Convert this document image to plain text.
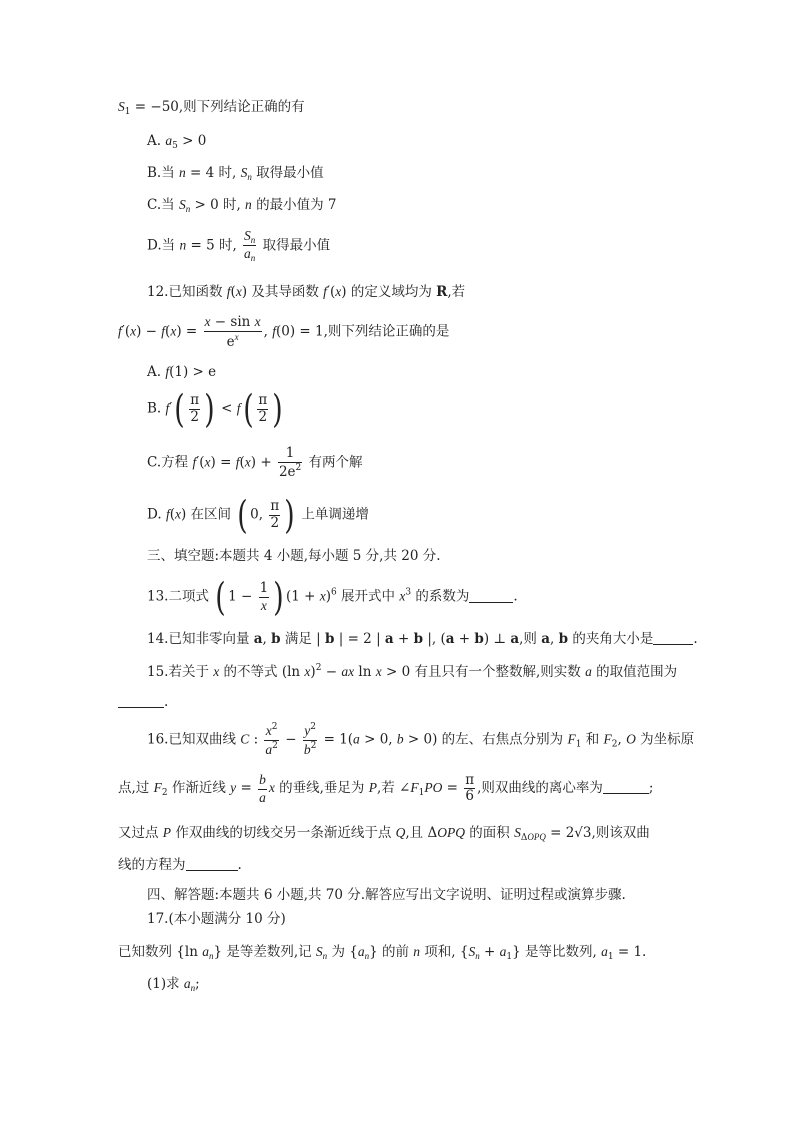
$S_1 = -50$,则下列结论正确的有
A. $a_5 > 0$
B.当 n = 4 时, $S_n$ 取得最小值
C.当 $S_n > 0$ 时, n 的最小值为 7
D.当 n = 5 时, $\frac{S_n}{a_n}$ 取得最小值
12.已知函数 f(x) 及其导函数 f′(x) 的定义域均为 R,若
$f'(x) - f(x) = \frac{\text{x − sin x}}{e^x}$ , f(0) = 1,则下列结论正确的是
A. f(1) > e
B. $f'( \frac{\pi}{2}$ ) < $f( \frac{\pi}{2}$ )
C.方程 $f'(x) = f(x) + \frac{1}{2e^2}$ 有两个解
D. f(x) 在区间 ( 0, $\frac{\pi}{2}$ ) 上单调递增
三、填空题:本题共 4 小题,每小题 5 分,共 20 分.
13.二项式 ( $1 - \frac{1}{x}$ ) $(1 + x)^6$ 展开式中 $x^3$ 的系数为	.
14.已知非零向量 a, b 满足 | b | = 2 | a + b |, (a + b) ⊥ a,则 a, b 的夹角大小是	.
15.若关于 x 的不等式 (ln x)$^2$ − ax ln x > 0 有且只有一个整数解,则实数 a 的取值范围为
.
16.已知双曲线 C : $\frac{x^2}{a^2} - \frac{y^2}{b^2} = 1(a > 0$, b > 0) 的左、右焦点分别为 $F_1$ 和 $F_2$, O 为坐标原
点,过 $F_2$ 作渐近线 $y = \frac{b}{a}$ x 的垂线,垂足为 P,若 $\angle F_1PO = \frac{\pi}{6}$ ,则双曲线的离心率为	;
又过点 P 作双曲线的切线交另一条渐近线于点 Q,且 ΔOPQ 的面积 $S_{\Delta OPQ} = 2√3$,则该双曲
线的方程为	.
四、解答题:本题共 6 小题,共 70 分.解答应写出文字说明、证明过程或演算步骤.
17.(本小题满分 10 分)
已知数列 {ln $a_n$} 是等差数列,记 $S_n$ 为 $\{a_n\}$ 的前 n 项和, $\{S_n + a_1\}$ 是等比数列, $a_1 = 1$.
(1)求 $a_n$;
